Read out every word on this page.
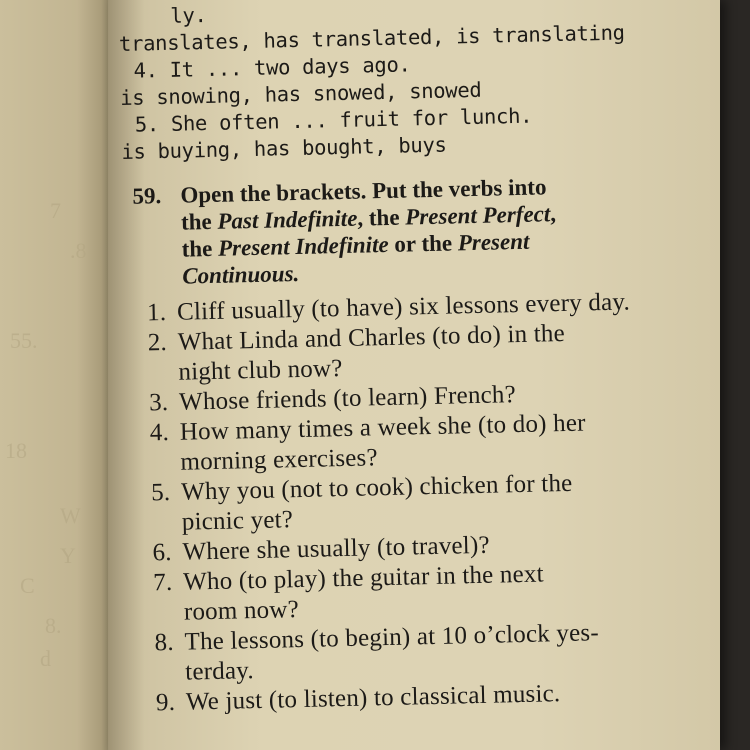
7
.8
55.
W
Y
C
8.
d
18
ly.
translates, has translated, is translating
4. It ... two days ago.
is snowing, has snowed, snowed
5. She often ... fruit for lunch.
is buying, has bought, buys
59. Open the brackets. Put the verbs into
the Past Indefinite, the Present Perfect,
the Present Indefinite or the Present
Continuous.
1. Cliff usually (to have) six lessons every day.
2. What Linda and Charles (to do) in the
night club now?
3. Whose friends (to learn) French?
4. How many times a week she (to do) her
morning exercises?
5. Why you (not to cook) chicken for the
picnic yet?
6. Where she usually (to travel)?
7. Who (to play) the guitar in the next
room now?
8. The lessons (to begin) at 10 o’clock yes-
terday.
9. We just (to listen) to classical music.
